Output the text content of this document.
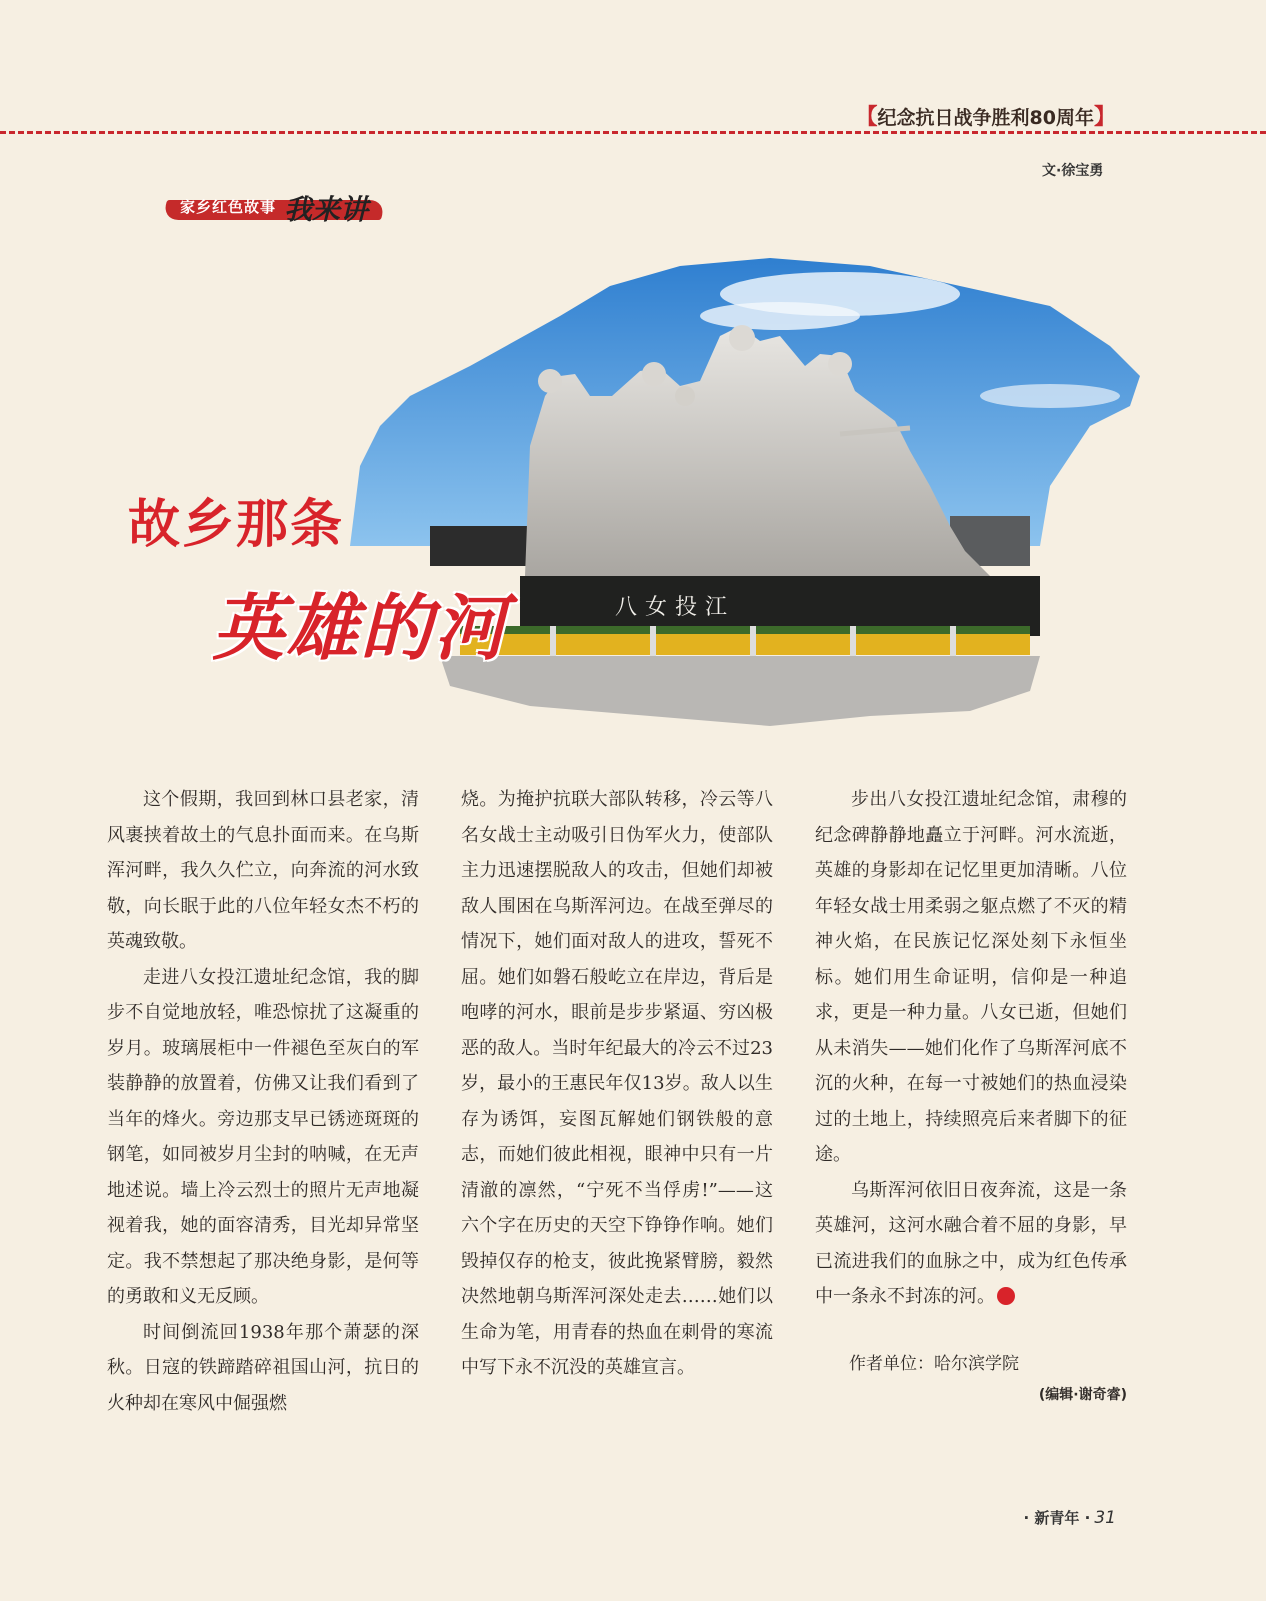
【纪念抗日战争胜利80周年】
文·徐宝勇
家乡红色故事 我来讲
八女投江
故乡那条
英雄的河

这个假期，我回到林口县老家，清风裹挟着故土的气息扑面而来。在乌斯浑河畔，我久久伫立，向奔流的河水致敬，向长眠于此的八位年轻女杰不朽的英魂致敬。

走进八女投江遗址纪念馆，我的脚步不自觉地放轻，唯恐惊扰了这凝重的岁月。玻璃展柜中一件褪色至灰白的军装静静的放置着，仿佛又让我们看到了当年的烽火。旁边那支早已锈迹斑斑的钢笔，如同被岁月尘封的呐喊，在无声地述说。墙上冷云烈士的照片无声地凝视着我，她的面容清秀，目光却异常坚定。我不禁想起了那决绝身影，是何等的勇敢和义无反顾。

时间倒流回1938年那个萧瑟的深秋。日寇的铁蹄踏碎祖国山河，抗日的火种却在寒风中倔强燃

烧。为掩护抗联大部队转移，冷云等八名女战士主动吸引日伪军火力，使部队主力迅速摆脱敌人的攻击，但她们却被敌人围困在乌斯浑河边。在战至弹尽的情况下，她们面对敌人的进攻，誓死不屈。她们如磐石般屹立在岸边，背后是咆哮的河水，眼前是步步紧逼、穷凶极恶的敌人。当时年纪最大的冷云不过23岁，最小的王惠民年仅13岁。敌人以生存为诱饵，妄图瓦解她们钢铁般的意志，而她们彼此相视，眼神中只有一片清澈的凛然，“宁死不当俘虏!”——这六个字在历史的天空下铮铮作响。她们毁掉仅存的枪支，彼此挽紧臂膀，毅然决然地朝乌斯浑河深处走去……她们以生命为笔，用青春的热血在刺骨的寒流中写下永不沉没的英雄宣言。

步出八女投江遗址纪念馆，肃穆的纪念碑静静地矗立于河畔。河水流逝，英雄的身影却在记忆里更加清晰。八位年轻女战士用柔弱之躯点燃了不灭的精神火焰，在民族记忆深处刻下永恒坐标。她们用生命证明，信仰是一种追求，更是一种力量。八女已逝，但她们从未消失——她们化作了乌斯浑河底不沉的火种，在每一寸被她们的热血浸染过的土地上，持续照亮后来者脚下的征途。

乌斯浑河依旧日夜奔流，这是一条英雄河，这河水融合着不屈的身影，早已流进我们的血脉之中，成为红色传承中一条永不封冻的河。

作者单位：哈尔滨学院
(编辑·谢奇睿)
· 新青年 · 31
